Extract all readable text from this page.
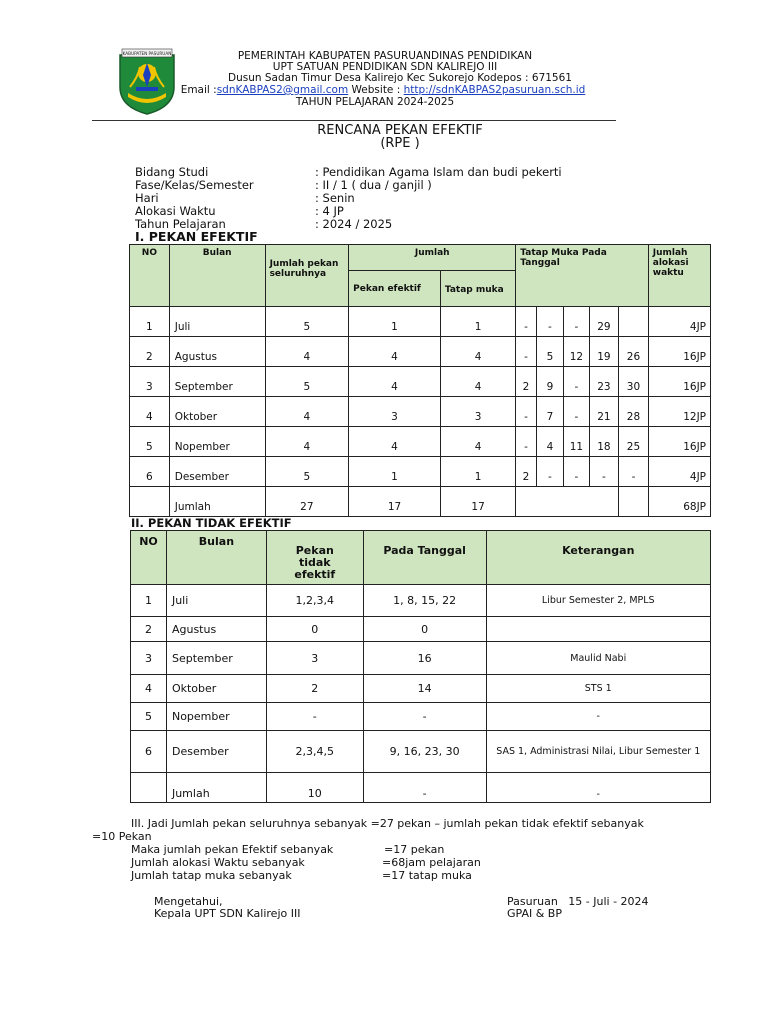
KABUPATEN PASURUAN	PEMERINTAH KABUPATEN PASURUANDINAS PENDIDIKAN
UPT SATUAN PENDIDIKAN SDN KALIREJO III
Dusun Sadan Timur Desa Kalirejo Kec Sukorejo Kodepos : 671561
Email :sdnKABPAS2@gmail.com Website : http://sdnKABPAS2pasuruan.sch.id
TAHUN PELAJARAN 2024-2025
RENCANA PEKAN EFEKTIF
(RPE )
Bidang Studi	: Pendidikan Agama Islam dan budi pekerti
Fase/Kelas/Semester	: II / 1 ( dua / ganjil )
Hari	: Senin
Alokasi Waktu	: 4 JP
Tahun Pelajaran	: 2024 / 2025
I. PEKAN EFEKTIF
NO	Bulan	Jumlah pekan seluruhnya	Jumlah		Tatap Muka Pada Tanggal					Jumlah alokasi waktu
			Pekan efektif	Tatap muka						
1	Juli	5	1	1	-	-	-	29		4JP
2	Agustus	4	4	4	-	5	12	19	26	16JP
3	September	5	4	4	2	9	-	23	30	16JP
4	Oktober	4	3	3	-	7	-	21	28	12JP
5	Nopember	4	4	4	-	4	11	18	25	16JP
6	Desember	5	1	1	2	-	-	-	-	4JP
	Jumlah	27	17	17						68JP
II. PEKAN TIDAK EFEKTIF
NO	Bulan	Pekan tidak efektif	Pada Tanggal	Keterangan
1	Juli	1,2,3,4	1, 8, 15, 22	Libur Semester 2, MPLS
2	Agustus	0	0	
3	September	3	16	Maulid Nabi
4	Oktober	2	14	STS 1
5	Nopember	-	-	-
6	Desember	2,3,4,5	9, 16, 23, 30	SAS 1, Administrasi Nilai, Libur Semester 1
	Jumlah	10	-	-
III. Jadi Jumlah pekan seluruhnya sebanyak =27 pekan – jumlah pekan tidak efektif sebanyak
=10 Pekan
Maka jumlah pekan Efektif sebanyak	=17 pekan
Jumlah alokasi Waktu sebanyak	=68jam pelajaran
Jumlah tatap muka sebanyak	=17 tatap muka
Mengetahui,
Kepala UPT SDN Kalirejo III
Pasuruan   15 - Juli - 2024
GPAI & BP
